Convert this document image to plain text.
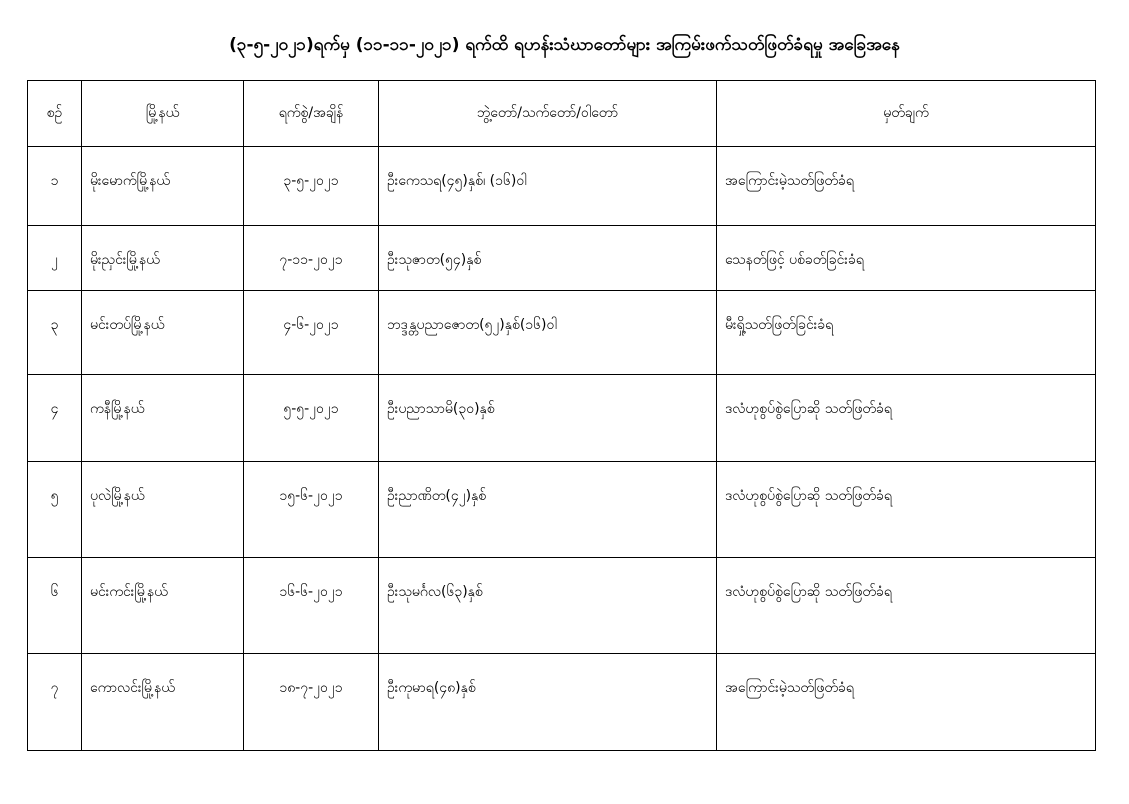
(၃-၅-၂၀၂၁)ရက်မှ (၁၁-၁၁-၂၀၂၁) ရက်ထိ ရဟန်းသံဃာတော်များ အကြမ်းဖက်သတ်ဖြတ်ခံရမှု အခြေအနေ
စဉ်	မြို့နယ်	ရက်စွဲ/အချိန်	ဘွဲ့တော်/သက်တော်/ဝါတော်	မှတ်ချက်
၁	မိုးမောက်မြို့နယ်	၃-၅-၂၀၂၁	ဦးကေသရ(၄၅)နှစ်၊ (၁၆)ဝါ	အကြောင်းမဲ့သတ်ဖြတ်ခံရ
၂	မိုးညှင်းမြို့နယ်	၇-၁၁-၂၀၂၁	ဦးသုဇာတ(၅၄)နှစ်	သေနတ်ဖြင့် ပစ်ခတ်ခြင်းခံရ
၃	မင်းတပ်မြို့နယ်	၄-၆-၂၀၂၁	ဘဒ္ဒန္တပညာဇောတ(၅၂)နှစ်(၁၆)ဝါ	မီးရှို့သတ်ဖြတ်ခြင်းခံရ
၄	ကနီမြို့နယ်	၅-၅-၂၀၂၁	ဦးပညာသာမိ(၃၀)နှစ်	ဒလံဟုစွပ်စွဲပြောဆို သတ်ဖြတ်ခံရ
၅	ပုလဲမြို့နယ်	၁၅-၆-၂၀၂၁	ဦးညာဏိတ(၄၂)နှစ်	ဒလံဟုစွပ်စွဲပြောဆို သတ်ဖြတ်ခံရ
၆	မင်းကင်းမြို့နယ်	၁၆-၆-၂၀၂၁	ဦးသုမင်္ဂလ(၆၃)နှစ်	ဒလံဟုစွပ်စွဲပြောဆို သတ်ဖြတ်ခံရ
၇	ကောလင်းမြို့နယ်	၁၈-၇-၂၀၂၁	ဦးကုမာရ(၄၈)နှစ်	အကြောင်းမဲ့သတ်ဖြတ်ခံရ
